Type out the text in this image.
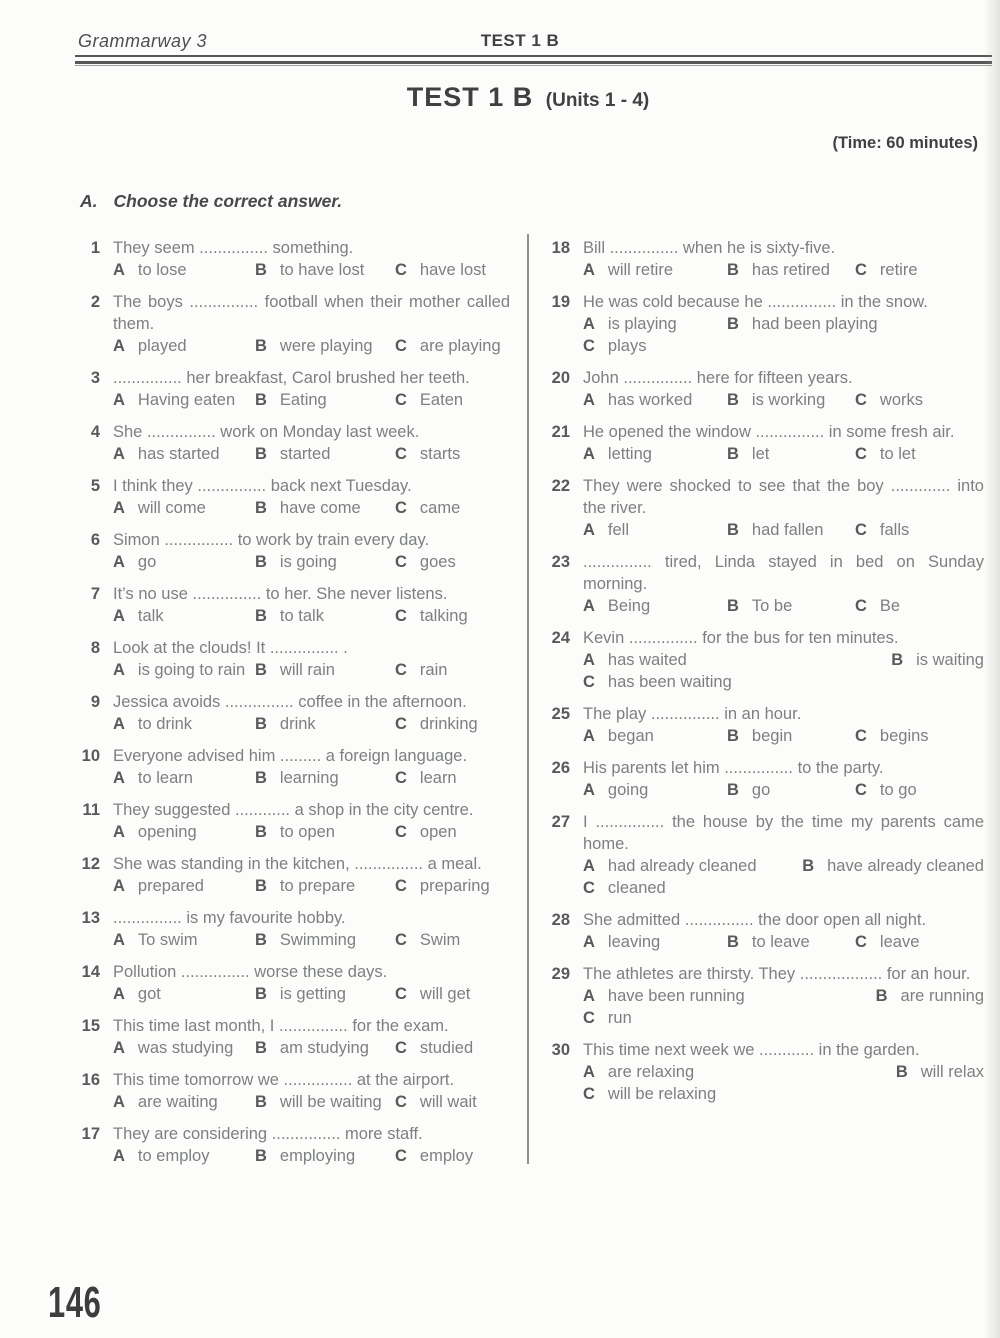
Grammarway 3	TEST 1 B
TEST 1 B (Units 1 - 4)
(Time: 60 minutes)
A. Choose the correct answer.
1 They seem ............... something.
A to lose	B to have lost	C have lost
2 The boys ............... football when their mother called them.
A played	B were playing	C are playing
3 ............... her breakfast, Carol brushed her teeth.
A Having eaten	B Eating	C Eaten
4 She ............... work on Monday last week.
A has started	B started	C starts
5 I think they ............... back next Tuesday.
A will come	B have come	C came
6 Simon ............... to work by train every day.
A go	B is going	C goes
7 It’s no use ............... to her. She never listens.
A talk	B to talk	C talking
8 Look at the clouds! It ............... .
A is going to rain B will rain	C rain
9 Jessica avoids ............... coffee in the afternoon.
A to drink	B drink	C drinking
10 Everyone advised him ......... a foreign language.
A to learn	B learning	C learn
11 They suggested ............ a shop in the city centre.
A opening	B to open	C open
12 She was standing in the kitchen, ............... a meal.
A prepared	B to prepare	C preparing
13 ............... is my favourite hobby.
A To swim	B Swimming	C Swim
14 Pollution ............... worse these days.
A got	B is getting	C will get
15 This time last month, I ............... for the exam.
A was studying	B am studying	C studied
16 This time tomorrow we ............... at the airport.
A are waiting	B will be waiting C will wait
17 They are considering ............... more staff.
A to employ	B employing	C employ
18 Bill ............... when he is sixty-five.
A will retire	B has retired	C retire
19 He was cold because he ............... in the snow.
A is playing	B had been playing
C plays
20 John ............... here for fifteen years.
A has worked	B is working	C works
21 He opened the window ............... in some fresh air.
A letting	B let	C to let
22 They were shocked to see that the boy ............. into the river.
A fell	B had fallen	C falls
23 ............... tired, Linda stayed in bed on Sunday morning.
A Being	B To be	C Be
24 Kevin ............... for the bus for ten minutes.
A has waited	B is waiting
C has been waiting
25 The play ............... in an hour.
A began	B begin	C begins
26 His parents let him ............... to the party.
A going	B go	C to go
27 I ............... the house by the time my parents came home.
A had already cleaned	B have already cleaned
C cleaned
28 She admitted ............... the door open all night.
A leaving	B to leave	C leave
29 The athletes are thirsty. They .................. for an hour.
A have been running	B are running
C run
30 This time next week we ............ in the garden.
A are relaxing	B will relax
C will be relaxing
146
